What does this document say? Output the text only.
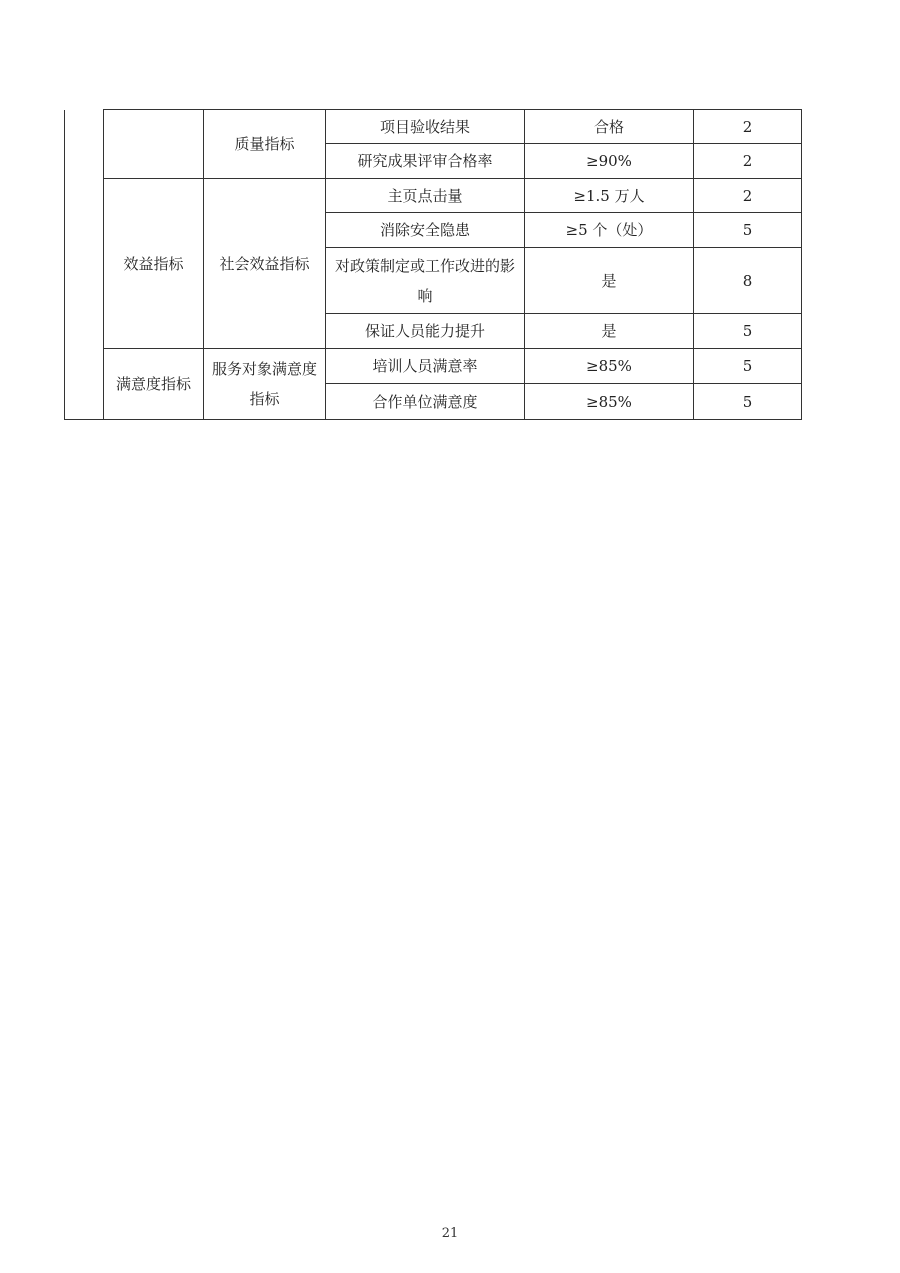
		质量指标	项目验收结果	合格	2
			研究成果评审合格率	≥90%	2
	效益指标	社会效益指标	主页点击量	≥1.5 万人	2
			消除安全隐患	≥5 个（处）	5
			对政策制定或工作改进的影响	是	8
			保证人员能力提升	是	5
	满意度指标	服务对象满意度指标	培训人员满意率	≥85%	5
			合作单位满意度	≥85%	5
21
